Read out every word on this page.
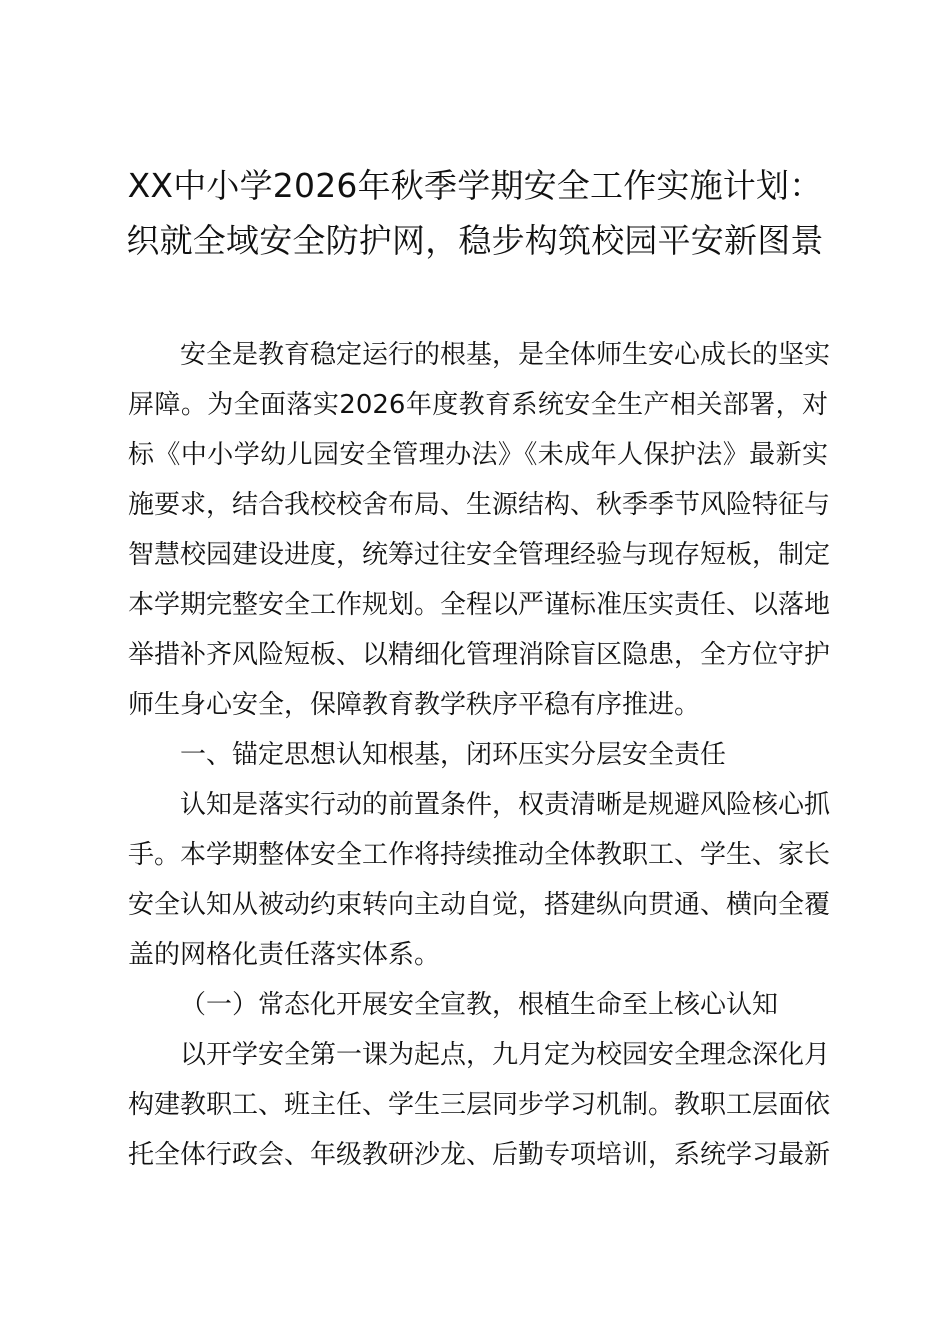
XX中小学2026年秋季学期安全工作实施计划：织就全域安全防护网，稳步构筑校园平安新图景

安全是教育稳定运行的根基，是全体师生安心成长的坚实

屏障。为全面落实2026年度教育系统安全生产相关部署，对

标《中小学幼儿园安全管理办法》《未成年人保护法》最新实

施要求，结合我校校舍布局、生源结构、秋季季节风险特征与

智慧校园建设进度，统筹过往安全管理经验与现存短板，制定

本学期完整安全工作规划。全程以严谨标准压实责任、以落地

举措补齐风险短板、以精细化管理消除盲区隐患，全方位守护

师生身心安全，保障教育教学秩序平稳有序推进。

一、锚定思想认知根基，闭环压实分层安全责任

认知是落实行动的前置条件，权责清晰是规避风险核心抓

手。本学期整体安全工作将持续推动全体教职工、学生、家长

安全认知从被动约束转向主动自觉，搭建纵向贯通、横向全覆

盖的网格化责任落实体系。

（一）常态化开展安全宣教，根植生命至上核心认知

以开学安全第一课为起点，九月定为校园安全理念深化月

构建教职工、班主任、学生三层同步学习机制。教职工层面依

托全体行政会、年级教研沙龙、后勤专项培训，系统学习最新
